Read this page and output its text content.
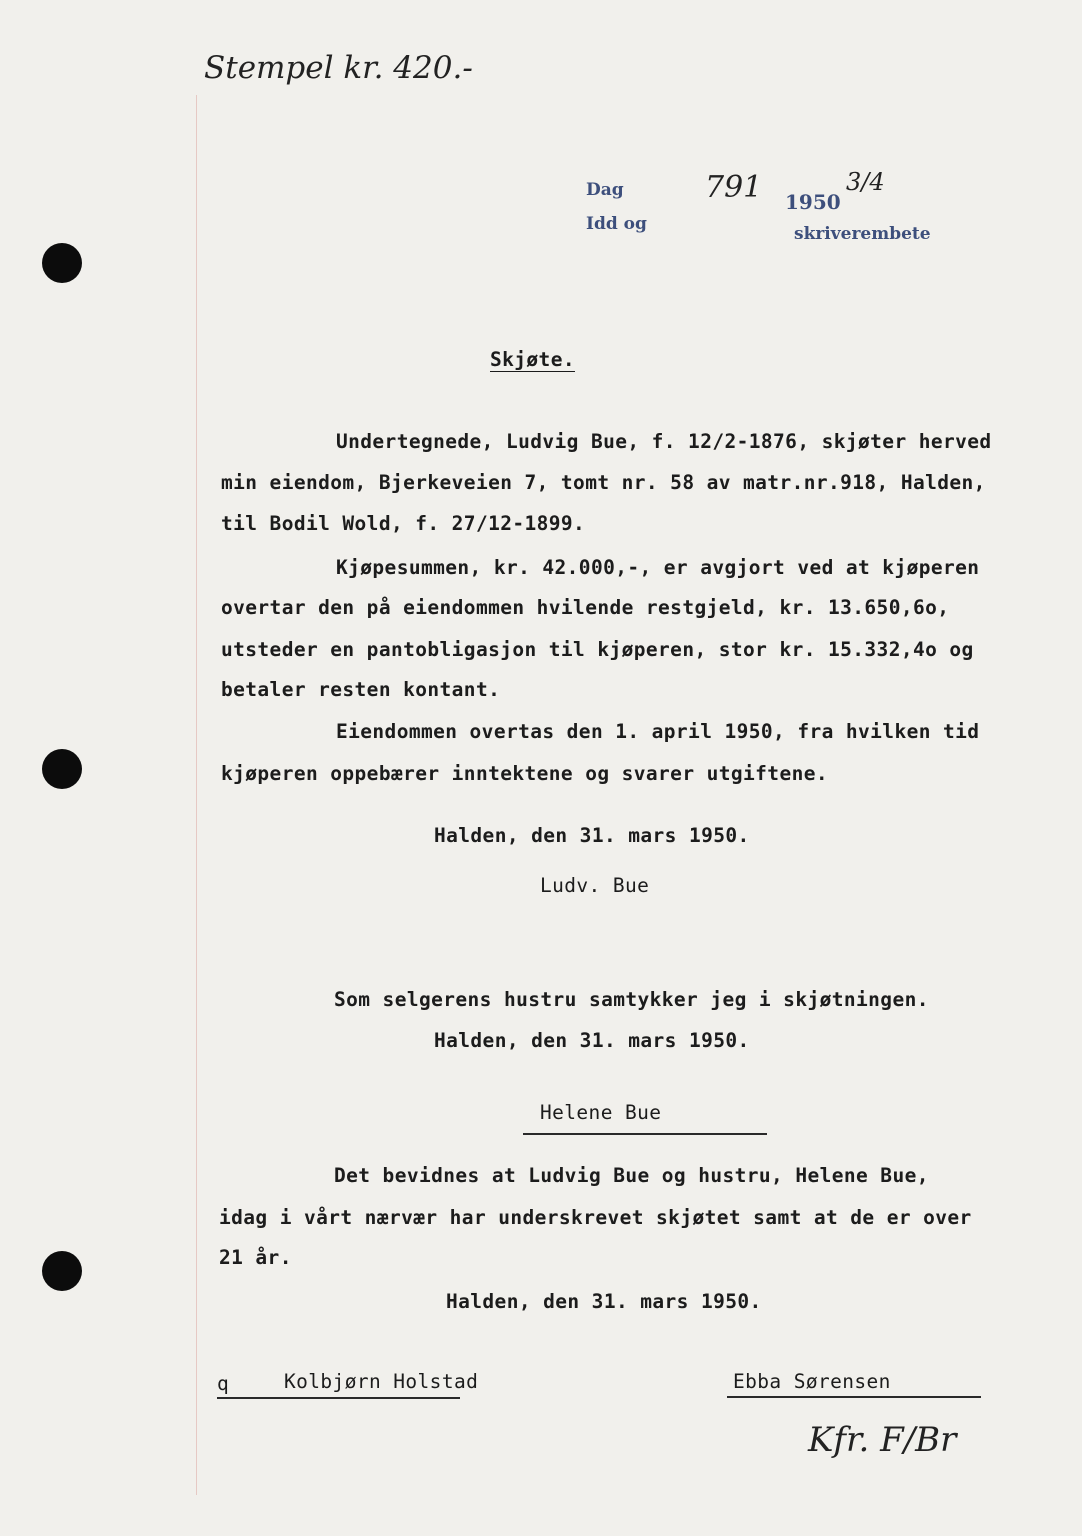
Stempel kr. 420.-
Dag	791 1950
3/4
Idd og	skriverembete
Skjøte.
Undertegnede, Ludvig Bue, f. 12/2-1876, skjøter herved
min eiendom, Bjerkeveien 7, tomt nr. 58 av matr.nr.918, Halden,
til Bodil Wold, f. 27/12-1899.
Kjøpesummen, kr. 42.000,-, er avgjort ved at kjøperen
overtar den på eiendommen hvilende restgjeld, kr. 13.650,6o,
utsteder en pantobligasjon til kjøperen, stor kr. 15.332,4o og
betaler resten kontant.
Eiendommen overtas den 1. april 1950, fra hvilken tid
kjøperen oppebærer inntektene og svarer utgiftene.
Halden, den 31. mars 1950.
Ludv. Bue
Som selgerens hustru samtykker jeg i skjøtningen.
Halden, den 31. mars 1950.
Helene Bue
Det bevidnes at Ludvig Bue og hustru, Helene Bue,
idag i vårt nærvær har underskrevet skjøtet samt at de er over
21 år.
Halden, den 31. mars 1950.
q	Kolbjørn Holstad	Ebba Sørensen
Kfr. F/Br
